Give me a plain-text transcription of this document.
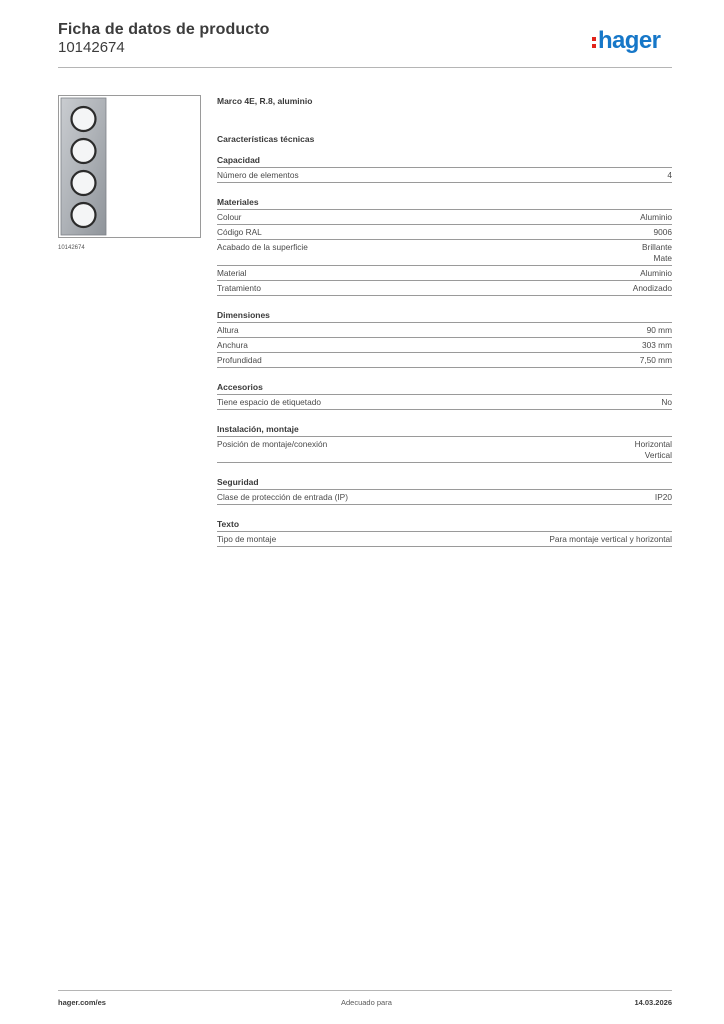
Ficha de datos de producto
10142674	hager
10142674
Marco 4E, R.8, aluminio
Características técnicas
Capacidad
Número de elementos	4
Materiales
Colour	Aluminio
Código RAL	9006
Acabado de la superficie	Brillante
Mate
Material	Aluminio
Tratamiento	Anodizado
Dimensiones
Altura	90 mm
Anchura	303 mm
Profundidad	7,50 mm
Accesorios
Tiene espacio de etiquetado	No
Instalación, montaje
Posición de montaje/conexión	Horizontal
Vertical
Seguridad
Clase de protección de entrada (IP)	IP20
Texto
Tipo de montaje	Para montaje vertical y horizontal
hager.com/es	Adecuado para	14.03.2026
